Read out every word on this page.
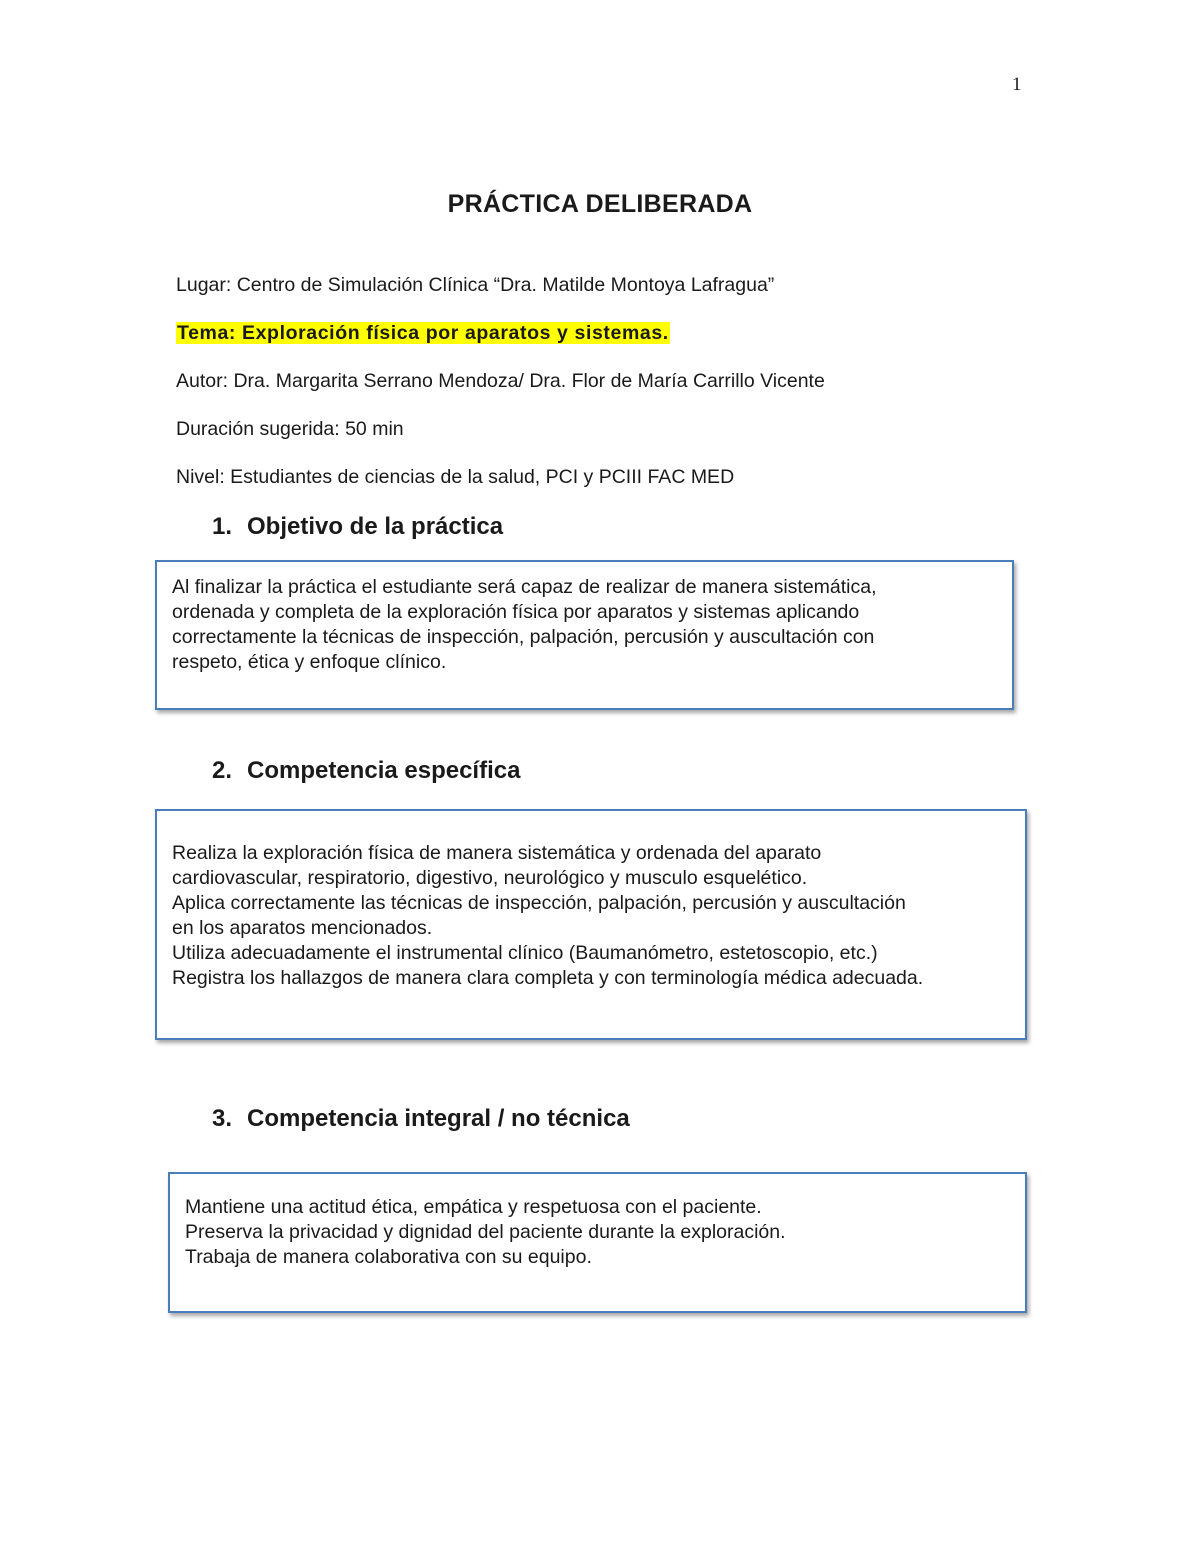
1
PRÁCTICA DELIBERADA
Lugar: Centro de Simulación Clínica “Dra. Matilde Montoya Lafragua”
Tema: Exploración física por aparatos y sistemas.
Autor: Dra. Margarita Serrano Mendoza/ Dra. Flor de María Carrillo Vicente
Duración sugerida: 50 min
Nivel: Estudiantes de ciencias de la salud, PCI y PCIII FAC MED
1. Objetivo de la práctica
Al finalizar la práctica el estudiante será capaz de realizar de manera sistemática,
ordenada y completa de la exploración física por aparatos y sistemas aplicando
correctamente la técnicas de inspección, palpación, percusión y auscultación con
respeto, ética y enfoque clínico.
2. Competencia específica
Realiza la exploración física de manera sistemática y ordenada del aparato
cardiovascular, respiratorio, digestivo, neurológico y musculo esquelético.
Aplica correctamente las técnicas de inspección, palpación, percusión y auscultación
en los aparatos mencionados.
Utiliza adecuadamente el instrumental clínico (Baumanómetro, estetoscopio, etc.)
Registra los hallazgos de manera clara completa y con terminología médica adecuada.
3. Competencia integral / no técnica
Mantiene una actitud ética, empática y respetuosa con el paciente.
Preserva la privacidad y dignidad del paciente durante la exploración.
Trabaja de manera colaborativa con su equipo.
